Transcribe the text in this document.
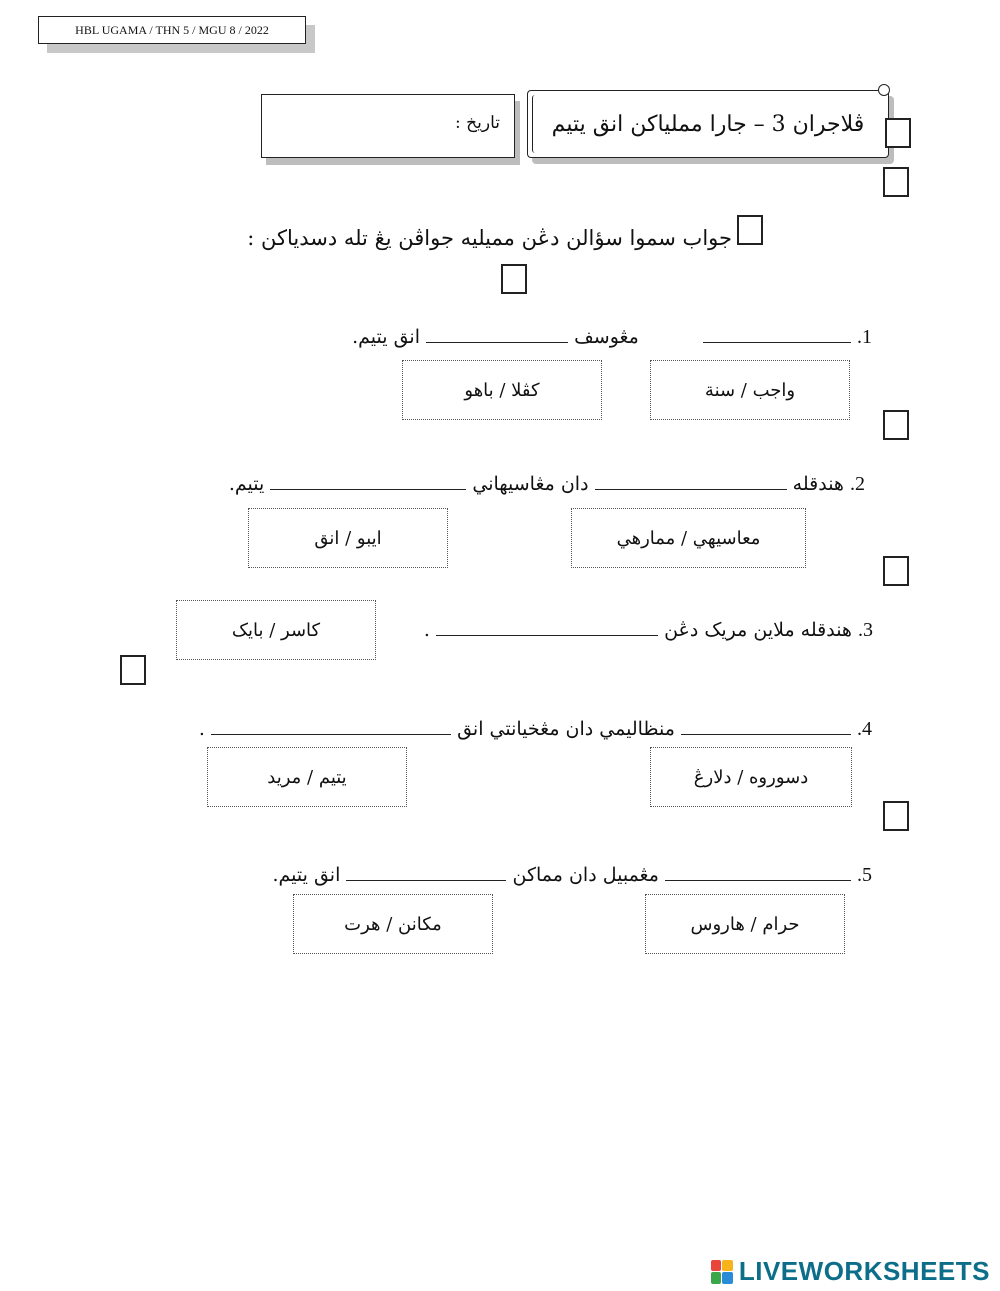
HBL UGAMA / THN 5 / MGU 8 / 2022
تاريخ : ڤلاجران 3 – جارا مملياکن انق يتيم
جواب سموا سؤالن دڠن مميليه جواڤن يڠ تله دسدياکن :
1.   مڠوسف  انق يتيم.
واجب / سنة
کڤلا / باهو
2. هندقله  دان مڠاسيهاني  يتيم.
معاسيهي / ممارهي
ايبو / انق
3. هندقله ملاين مريک دڠن  .
کاسر / بايک
4.  منظاليمي دان مڠخيانتي انق  .
دسوروه / دلارڠ
يتيم / مريد
5.  مڠمبيل دان مماکن  انق يتيم.
حرام / هاروس
مکانن / هرت
LIVEWORKSHEETS
